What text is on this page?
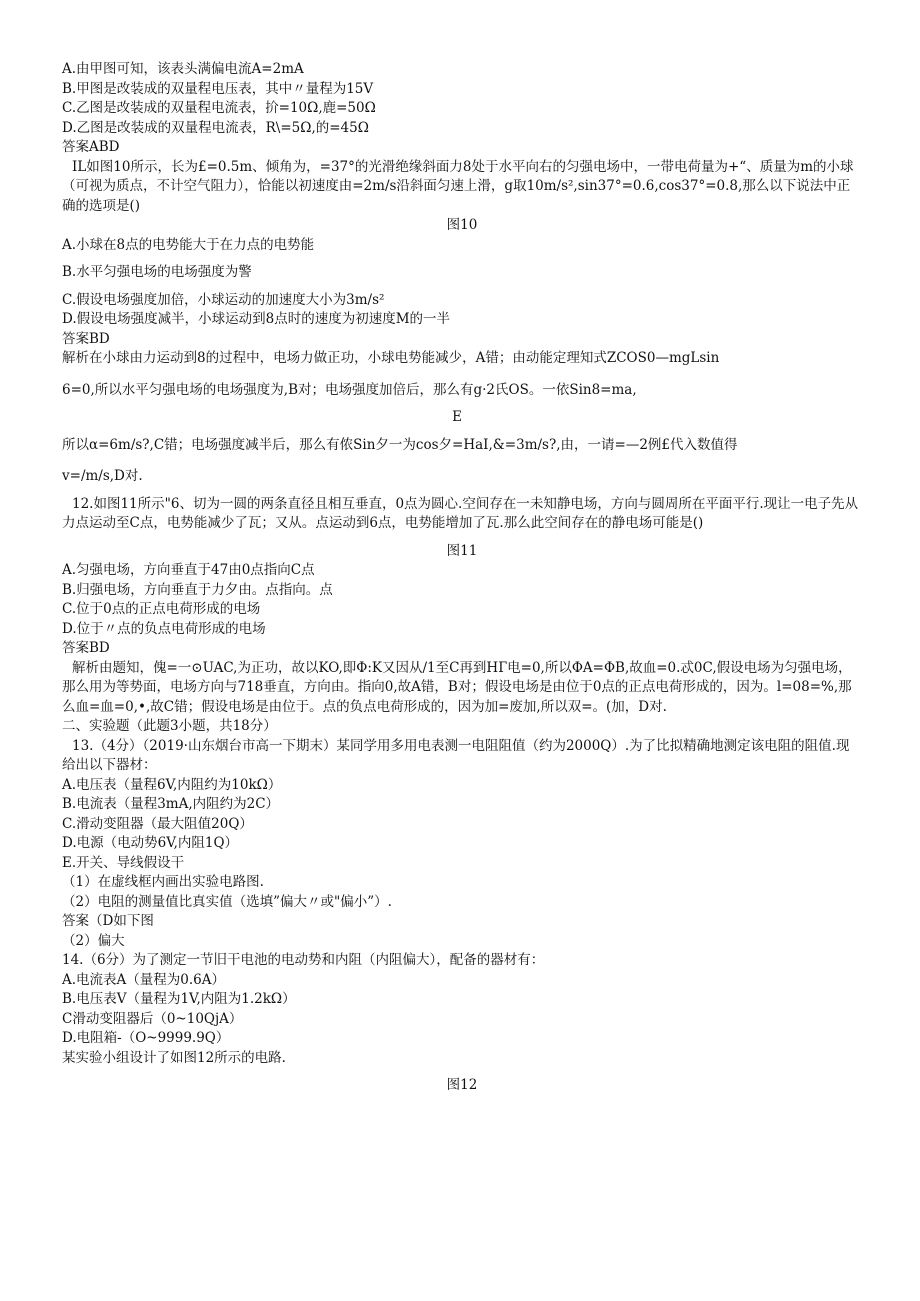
A.由甲图可知，该表头满偏电流A=2mA
B.甲图是改装成的双量程电压表，其中〃量程为15V
C.乙图是改装成的双量程电流表，扴=10Ω,鹿=50Ω
D.乙图是改装成的双量程电流表，R\=5Ω,的=45Ω
答案ABD
IL如图10所示，长为£=0.5m、倾角为，=37°的光滑绝缘斜面力8处于水平向右的匀强电场中，一带电荷量为+“、质量为m的小球（可视为质点，不计空气阻力），恰能以初速度由=2m/s沿斜面匀速上滑，g取10m/s²,sin37°=0.6,cos37°=0.8,那么以下说法中正确的选项是()
图10
A.小球在8点的电势能大于在力点的电势能
B.水平匀强电场的电场强度为警
C.假设电场强度加倍，小球运动的加速度大小为3m/s²
D.假设电场强度减半，小球运动到8点时的速度为初速度M的一半
答案BD
解析在小球由力运动到8的过程中，电场力做正功，小球电势能减少，A错；由动能定理知式ZCOS0—mgLsin
6=0,所以水平匀强电场的电场强度为,B对；电场强度加倍后，那么有g·2氏OS。一依Sin8=ma,
E
所以α=6m/s?,C错；电场强度减半后，那么有侬Sin夕一为cos夕=HaI,&=3m/s?,由，一请=—2例£代入数值得
v=/m/s,D对.
12.如图11所示"6、切为一圆的两条直径且相互垂直，0点为圆心.空间存在一未知静电场，方向与圆周所在平面平行.现让一电子先从力点运动至C点，电势能减少了瓦；又从。点运动到6点，电势能增加了瓦.那么此空间存在的静电场可能是()
图11
A.匀强电场，方向垂直于47由0点指向C点
B.归强电场，方向垂直于力夕由。点指向。点
C.位于0点的正点电荷形成的电场
D.位于〃点的负点电荷形成的电场
答案BD
解析由题知，傀=一⊙UAC,为正功，故以KO,即Φ:K又因从/1至C再到HГ电=0,所以ΦA=ΦB,故血=0.忒0C,假设电场为匀强电场，那么用为等势面，电场方向与718垂直，方向由。指向0,故A错，B对；假设电场是由位于0点的正点电荷形成的，因为。l=08=%,那么血=血=0,•,故C错；假设电场是由位于。点的负点电荷形成的，因为加=废加,所以双=。(加，D对.
二、实验题（此题3小题，共18分）
13.（4分）（2019·山东烟台市高一下期末）某同学用多用电表测一电阻阻值（约为2000Q）.为了比拟精确地测定该电阻的阻值.现给出以下器材：
A.电压表（量程6V,内阻约为10kΩ）
B.电流表（量程3mA,内阻约为2C）
C.滑动变阻器（最大阻值20Q）
D.电源（电动势6V,内阻1Q）
E.开关、导线假设干
（1）在虚线框内画出实验电路图.
（2）电阻的测量值比真实值（选填”偏大〃或"偏小”）.
答案（D如下图
（2）偏大
14.（6分）为了测定一节旧干电池的电动势和内阻（内阻偏大），配备的器材有：
A.电流表A（量程为0.6A）
B.电压表V（量程为1V,内阻为1.2kΩ）
C滑动变阻器后（0~10QjA）
D.电阻箱-（O~9999.9Q）
某实验小组设计了如图12所示的电路.
图12
